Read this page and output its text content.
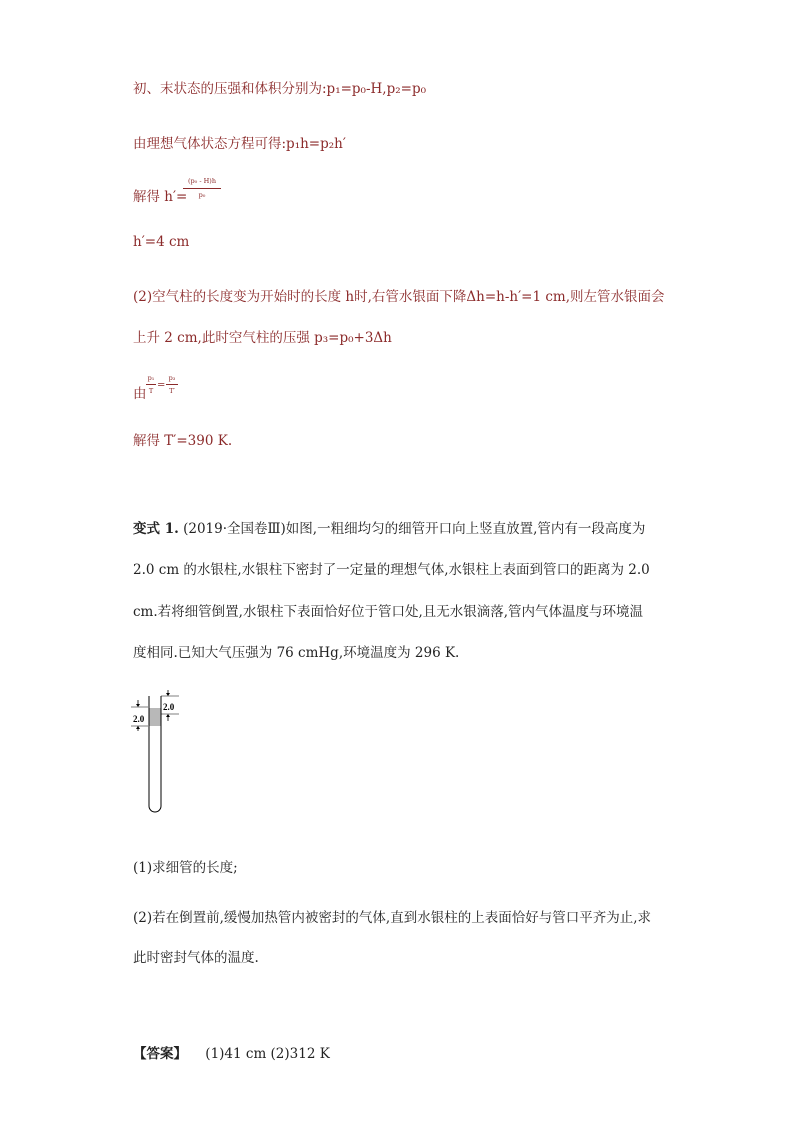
初、末状态的压强和体积分别为:p₁=p₀-H,p₂=p₀
由理想气体状态方程可得:p₁h=p₂h′
解得 h′=
(p₀ - H)h
p₀
h′=4 cm
(2)空气柱的长度变为开始时的长度 h时,右管水银面下降Δh=h-h′=1 cm,则左管水银面会
上升 2 cm,此时空气柱的压强 p₃=p₀+3Δh
由
p₁
T =
p₃
T′
解得 T′=390 K.
变式 1. (2019·全国卷Ⅲ)如图,一粗细均匀的细管开口向上竖直放置,管内有一段高度为
2.0 cm 的水银柱,水银柱下密封了一定量的理想气体,水银柱上表面到管口的距离为 2.0
cm.若将细管倒置,水银柱下表面恰好位于管口处,且无水银滴落,管内气体温度与环境温
度相同.已知大气压强为 76 cmHg,环境温度为 296 K.
2.0
2.0
(1)求细管的长度;
(2)若在倒置前,缓慢加热管内被密封的气体,直到水银柱的上表面恰好与管口平齐为止,求
此时密封气体的温度.
【答案】 (1)41 cm (2)312 K
